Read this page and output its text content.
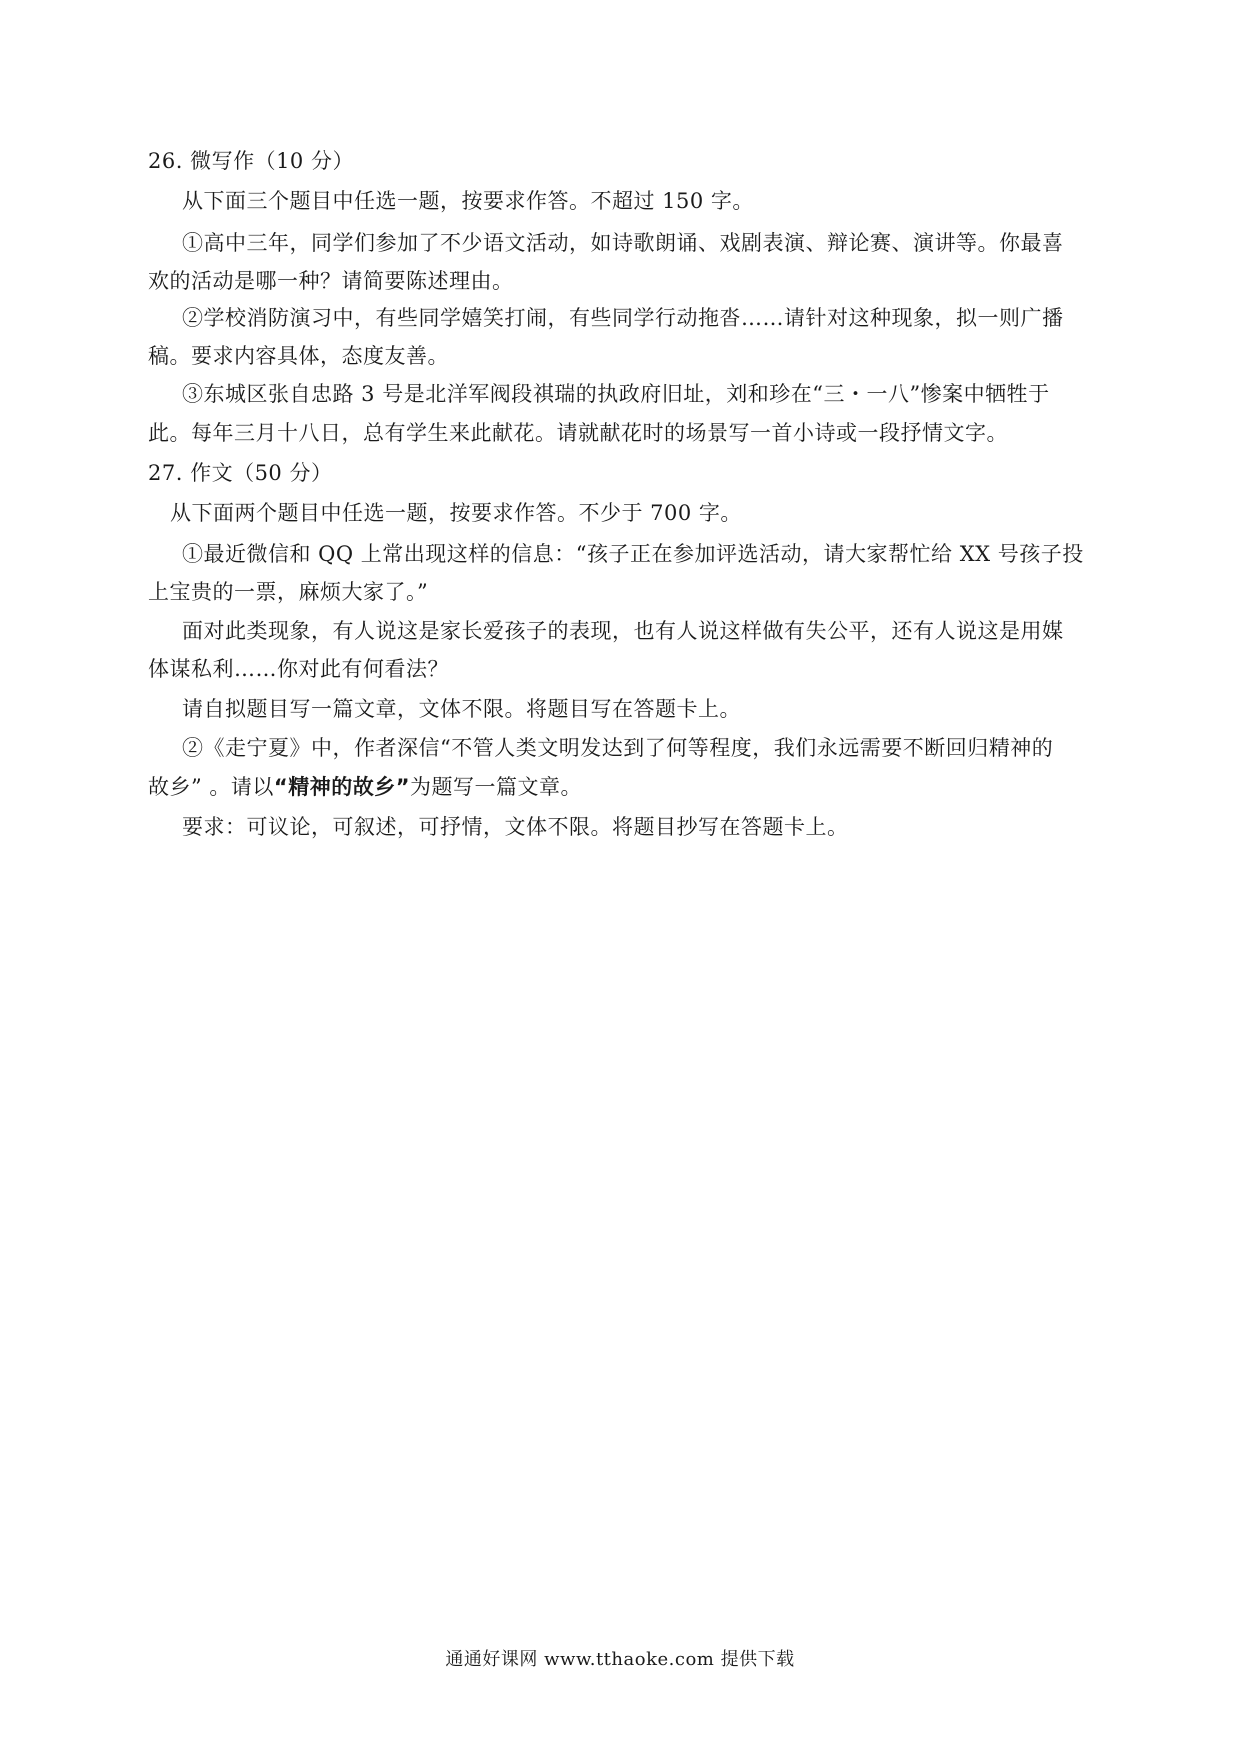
26. 微写作（10 分）
从下面三个题目中任选一题，按要求作答。不超过 150 字。
①高中三年，同学们参加了不少语文活动，如诗歌朗诵、戏剧表演、辩论赛、演讲等。你最喜
欢的活动是哪一种？请简要陈述理由。
②学校消防演习中，有些同学嬉笑打闹，有些同学行动拖沓……请针对这种现象，拟一则广播
稿。要求内容具体，态度友善。
③东城区张自忠路 3 号是北洋军阀段祺瑞的执政府旧址，刘和珍在“三・一八”惨案中牺牲于
此。每年三月十八日，总有学生来此献花。请就献花时的场景写一首小诗或一段抒情文字。
27. 作文（50 分）
从下面两个题目中任选一题，按要求作答。不少于 700 字。
①最近微信和 QQ 上常出现这样的信息：“孩子正在参加评选活动，请大家帮忙给 XX 号孩子投
上宝贵的一票，麻烦大家了。”
面对此类现象，有人说这是家长爱孩子的表现，也有人说这样做有失公平，还有人说这是用媒
体谋私利……你对此有何看法？
请自拟题目写一篇文章，文体不限。将题目写在答题卡上。
②《走宁夏》中，作者深信“不管人类文明发达到了何等程度，我们永远需要不断回归精神的
故乡” 。请以“精神的故乡”为题写一篇文章。
要求：可议论，可叙述，可抒情，文体不限。将题目抄写在答题卡上。
通通好课网 www.tthaoke.com 提供下载
